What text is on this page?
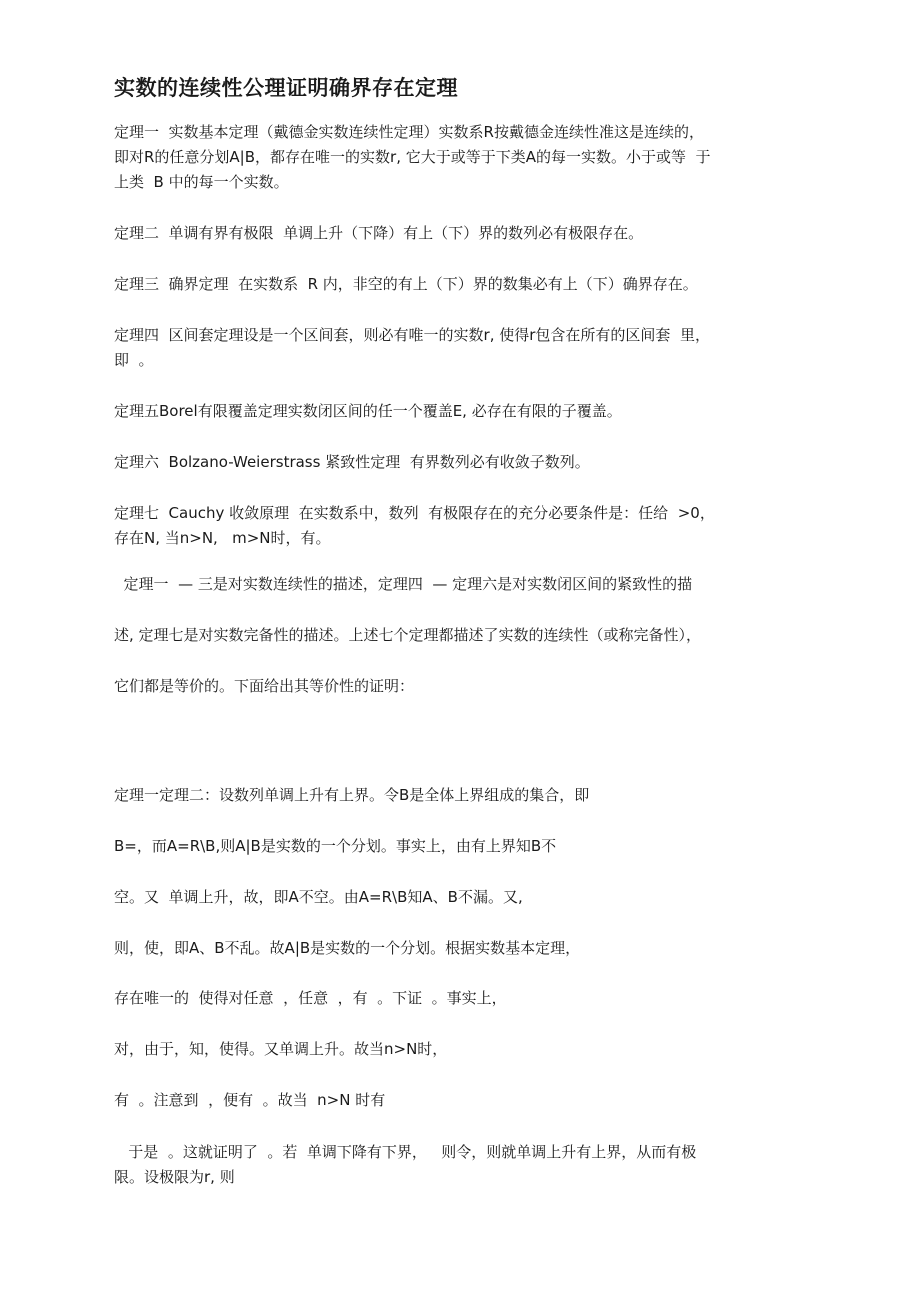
实数的连续性公理证明确界存在定理
定理一  实数基本定理（戴德金实数连续性定理）实数系R按戴德金连续性准这是连续的，
即对R的任意分划A|B，都存在唯一的实数r, 它大于或等于下类A的每一实数。小于或等  于
上类  B 中的每一个实数。
定理二  单调有界有极限  单调上升（下降）有上（下）界的数列必有极限存在。
定理三  确界定理  在实数系  R 内，非空的有上（下）界的数集必有上（下）确界存在。
定理四  区间套定理设是一个区间套，则必有唯一的实数r, 使得r包含在所有的区间套  里，
即  。
定理五Borel有限覆盖定理实数闭区间的任一个覆盖E, 必存在有限的子覆盖。
定理六  Bolzano-Weierstrass 紧致性定理  有界数列必有收敛子数列。
定理七  Cauchy 收敛原理  在实数系中，数列  有极限存在的充分必要条件是：任给  >0，
存在N, 当n>N,   m>N时，有。
定理一  — 三是对实数连续性的描述，定理四  — 定理六是对实数闭区间的紧致性的描
述, 定理七是对实数完备性的描述。上述七个定理都描述了实数的连续性（或称完备性），
它们都是等价的。下面给出其等价性的证明：
定理一定理二：设数列单调上升有上界。令B是全体上界组成的集合，即
B=，而A=R\B,则A|B是实数的一个分划。事实上，由有上界知B不
空。又  单调上升，故，即A不空。由A=R\B知A、B不漏。又,
则，使，即A、B不乱。故A|B是实数的一个分划。根据实数基本定理，
存在唯一的  使得对任意  ，任意  ，有  。下证  。事实上，
对，由于，知，使得。又单调上升。故当n>N时，
有  。注意到  ，便有  。故当  n>N 时有
于是  。这就证明了  。若  单调下降有下界，   则令，则就单调上升有上界，从而有极
限。设极限为r, 则
